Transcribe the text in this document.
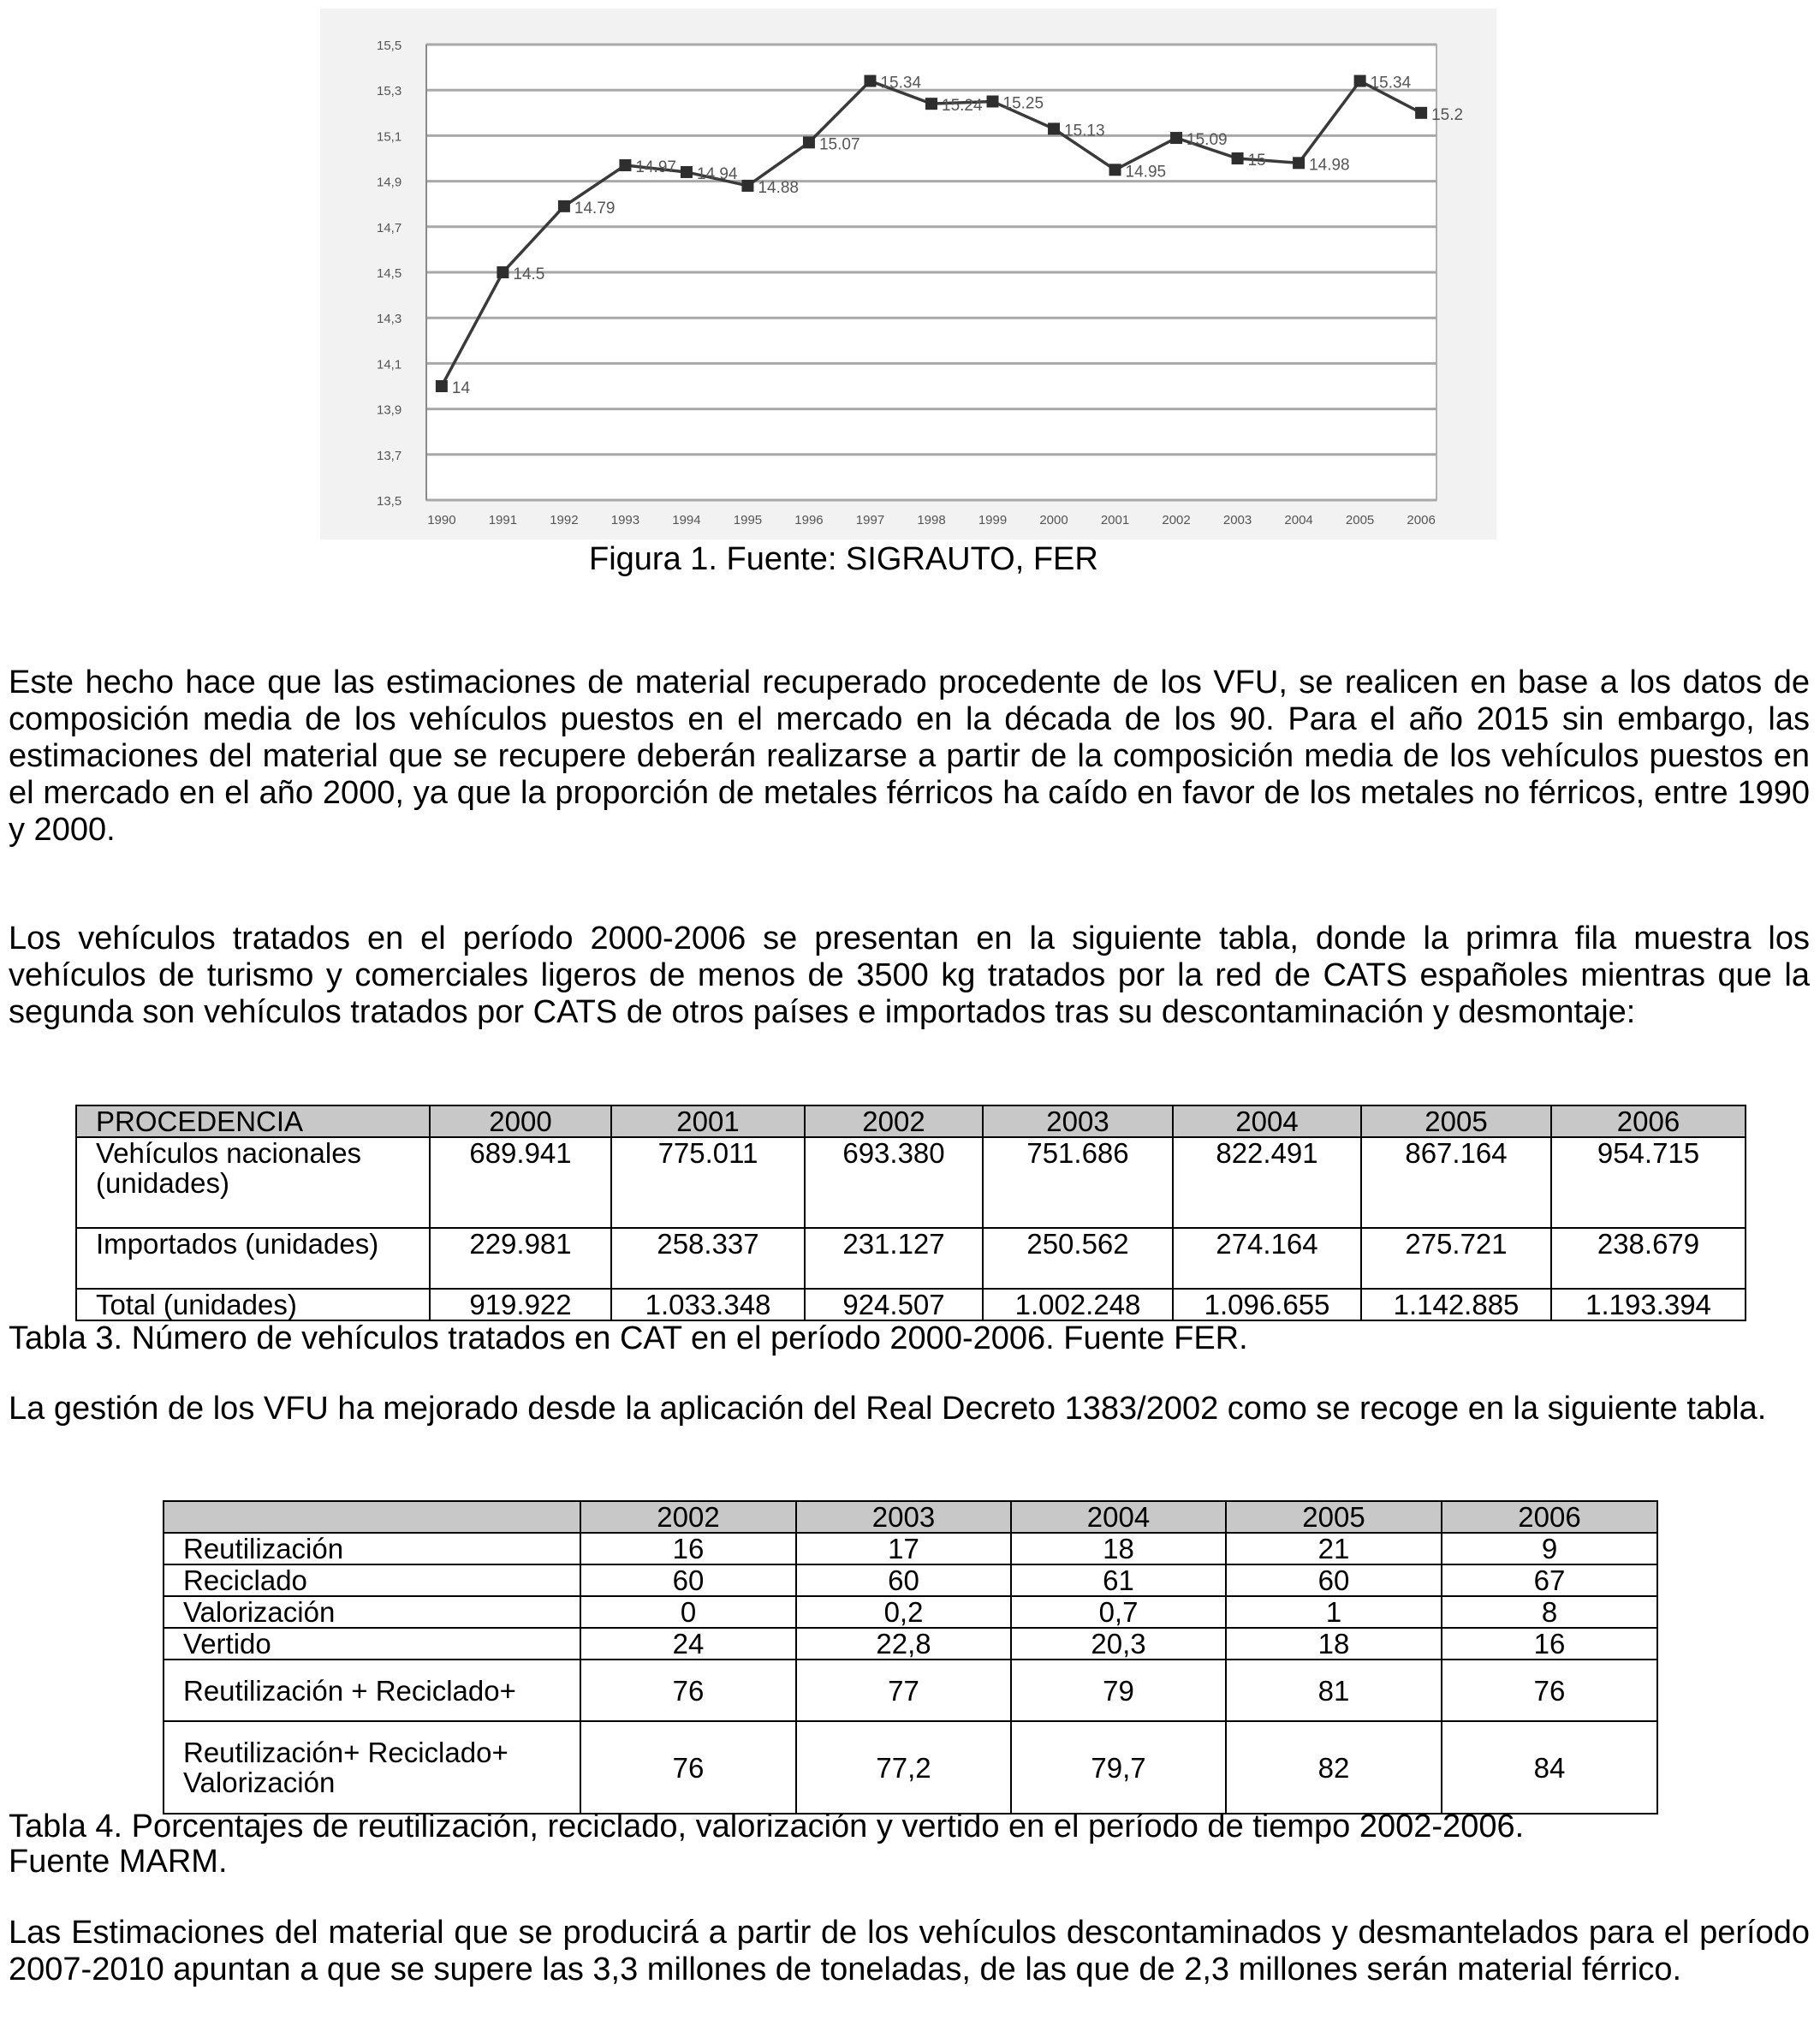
13,5
13,7
13,9
14,1
14,3
14,5
14,7
14,9
15,1
15,3
15,5
1990	1991	1992	1993	1994	1995	1996	1997	1998	1999	2000	2001	2002	2003	2004	2005	2006
14
14.5
14.79
14.97 14.94
14.88
15.07
15.34
15.24 15.25
15.13
14.95
15.09
15	14.98
15.34
15.2
Figura 1. Fuente: SIGRAUTO, FER

Este hecho hace que las estimaciones de material recuperado procedente de los VFU, se realicen en base a los datos de composición media de los vehículos puestos en el mercado en la década de los 90. Para el año 2015 sin embargo, las estimaciones del material que se recupere deberán realizarse a partir de la composición media de los vehículos puestos en el mercado en el año 2000, ya que la proporción de metales férricos ha caído en favor de los metales no férricos, entre 1990 y 2000.

Los vehículos tratados en el período 2000-2006 se presentan en la siguiente tabla, donde la primra fila muestra los vehículos de turismo y comerciales ligeros de menos de 3500 kg tratados por la red de CATS españoles mientras que la segunda son vehículos tratados por CATS de otros países e importados tras su descontaminación y desmontaje:

PROCEDENCIA	2000	2001	2002	2003	2004	2005	2006
Vehículos nacionales (unidades)	689.941	775.011	693.380	751.686	822.491	867.164	954.715
Importados (unidades)	229.981	258.337	231.127	250.562	274.164	275.721	238.679
Total (unidades)	919.922	1.033.348	924.507	1.002.248	1.096.655	1.142.885	1.193.394
Tabla 3. Número de vehículos tratados en CAT en el período 2000-2006. Fuente FER.

La gestión de los VFU ha mejorado desde la aplicación del Real Decreto 1383/2002 como se recoge en la siguiente tabla.

	2002	2003	2004	2005	2006
Reutilización	16	17	18	21	9
Reciclado	60	60	61	60	67
Valorización	0	0,2	0,7	1	8
Vertido	24	22,8	20,3	18	16
Reutilización + Reciclado+	76	77	79	81	76
Reutilización+ Reciclado+ Valorización	76	77,2	79,7	82	84
Tabla 4. Porcentajes de reutilización, reciclado, valorización y vertido en el período de tiempo 2002-2006.
Fuente MARM.

Las Estimaciones del material que se producirá a partir de los vehículos descontaminados y desmantelados para el período 2007-2010 apuntan a que se supere las 3,3 millones de toneladas, de las que de 2,3 millones serán material férrico.
